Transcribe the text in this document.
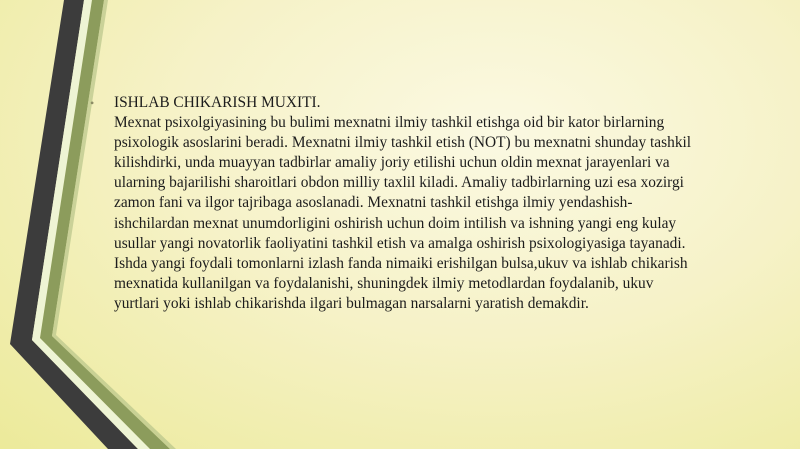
• ISHLAB CHIKARISH MUXITI.
Mexnat psixolgiyasining bu bulimi mexnatni ilmiy tashkil etishga oid bir kator birlarning psixologik asoslarini beradi. Mexnatni ilmiy tashkil etish (NOT) bu mexnatni shunday tashkil kilishdirki, unda muayyan tadbirlar amaliy joriy etilishi uchun oldin mexnat jarayenlari va ularning bajarilishi sharoitlari obdon milliy taxlil kiladi. Amaliy tadbirlarning uzi esa xozirgi zamon fani va ilgor tajribaga asoslanadi. Mexnatni tashkil etishga ilmiy yendashish-ishchilardan mexnat unumdorligini oshirish uchun doim intilish va ishning yangi eng kulay usullar yangi novatorlik faoliyatini tashkil etish va amalga oshirish psixologiyasiga tayanadi. Ishda yangi foydali tomonlarni izlash fanda nimaiki erishilgan bulsa,ukuv va ishlab chikarish mexnatida kullanilgan va foydalanishi, shuningdek ilmiy metodlardan foydalanib, ukuv yurtlari yoki ishlab chikarishda ilgari bulmagan narsalarni yaratish demakdir.
